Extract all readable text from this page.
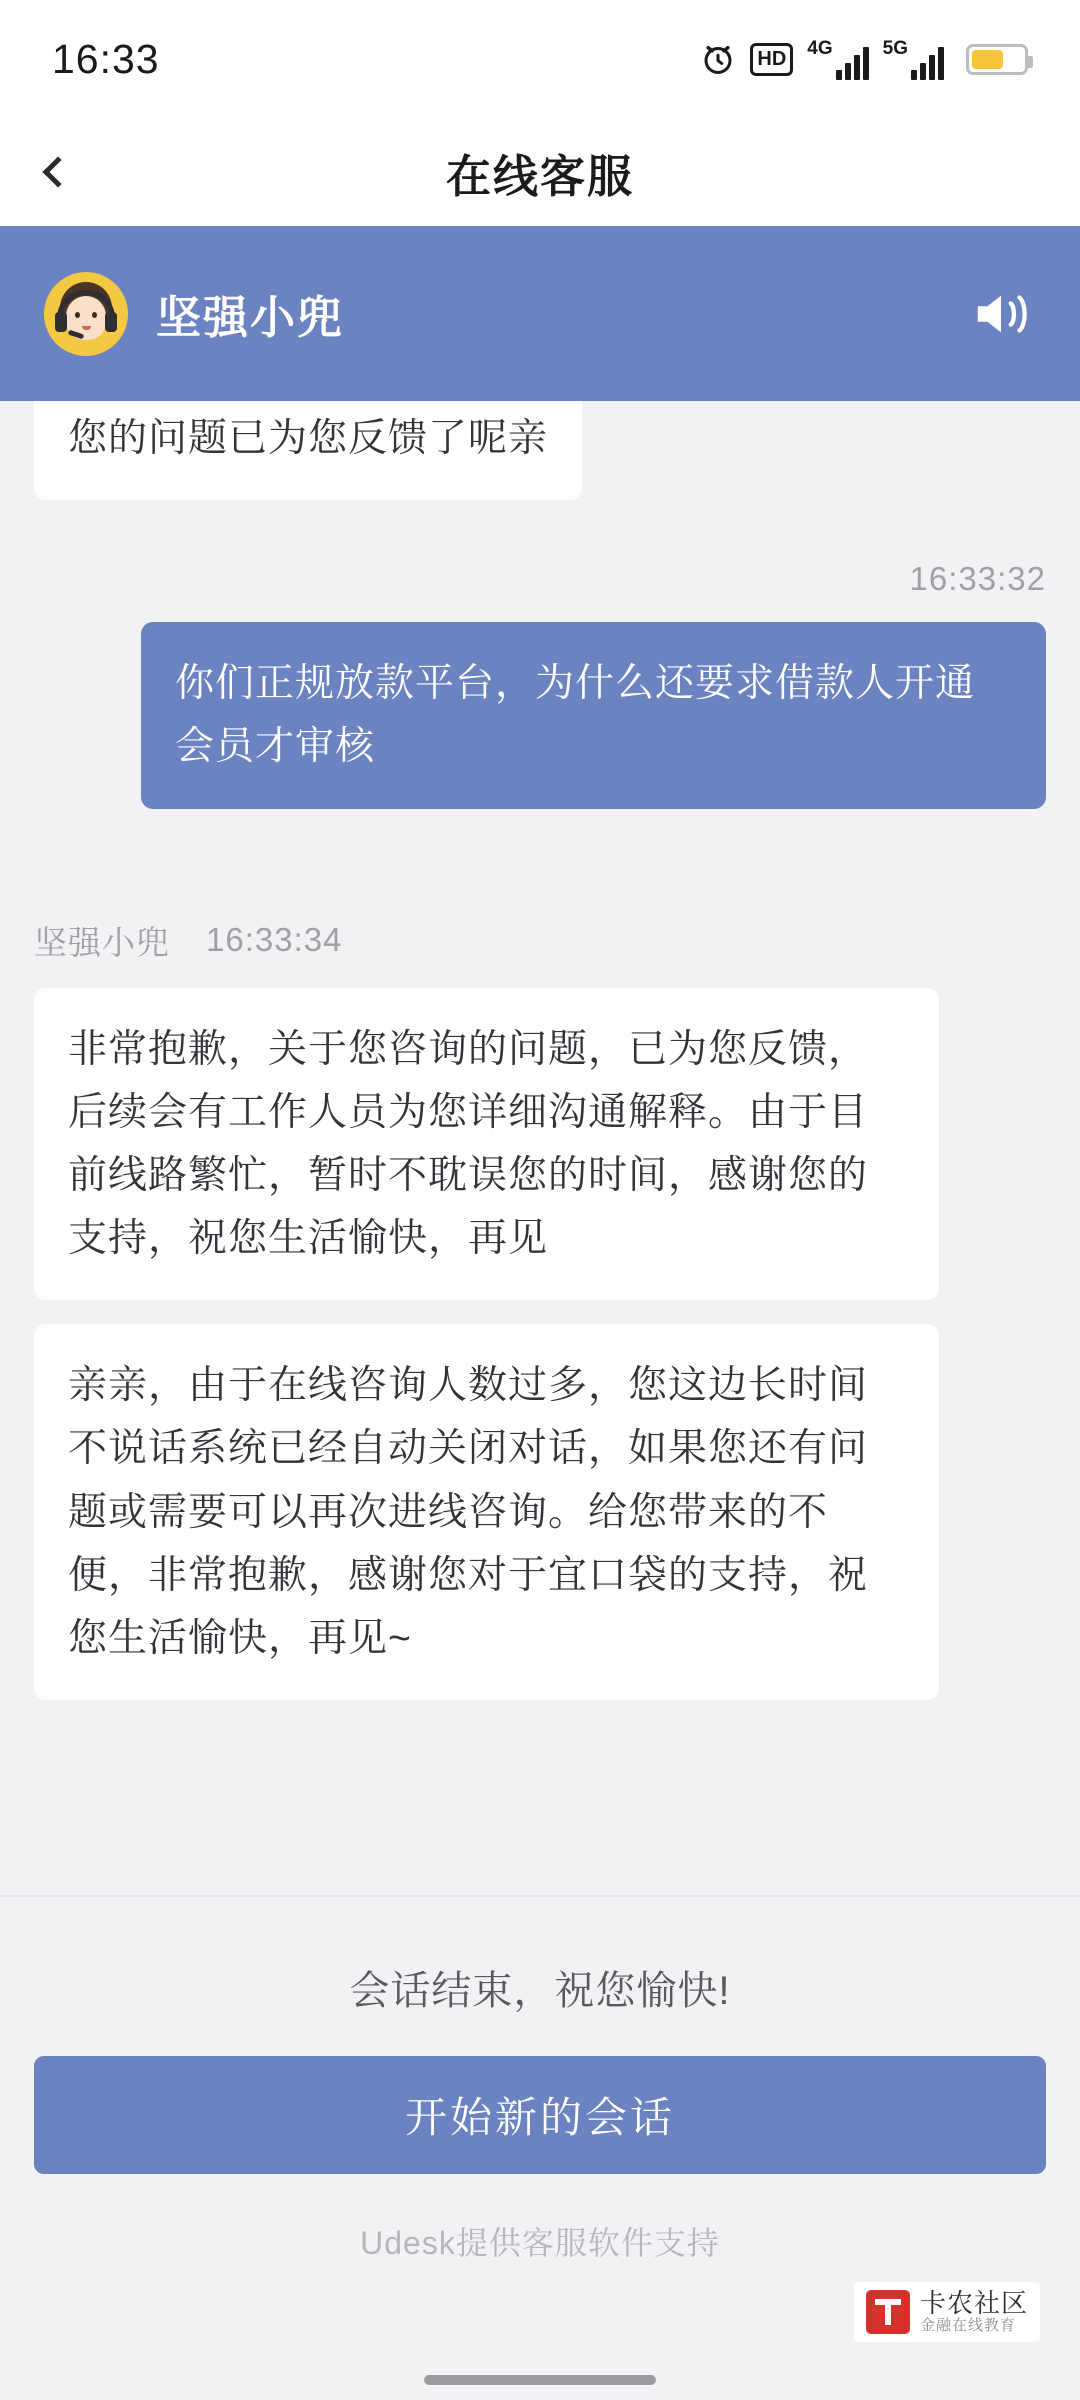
16:33	HD	4G	5G
在线客服
坚强小兜
您的问题已为您反馈了呢亲
16:33:32
你们正规放款平台，为什么还要求借款人开通会员才审核
坚强小兜 16:33:34
非常抱歉，关于您咨询的问题，已为您反馈，后续会有工作人员为您详细沟通解释。由于目前线路繁忙，暂时不耽误您的时间，感谢您的支持，祝您生活愉快，再见
亲亲，由于在线咨询人数过多，您这边长时间不说话系统已经自动关闭对话，如果您还有问题或需要可以再次进线咨询。给您带来的不便，非常抱歉，感谢您对于宜口袋的支持，祝您生活愉快，再见~
会话结束，祝您愉快!
开始新的会话
Udesk提供客服软件支持
卡农社区
金融在线教育
